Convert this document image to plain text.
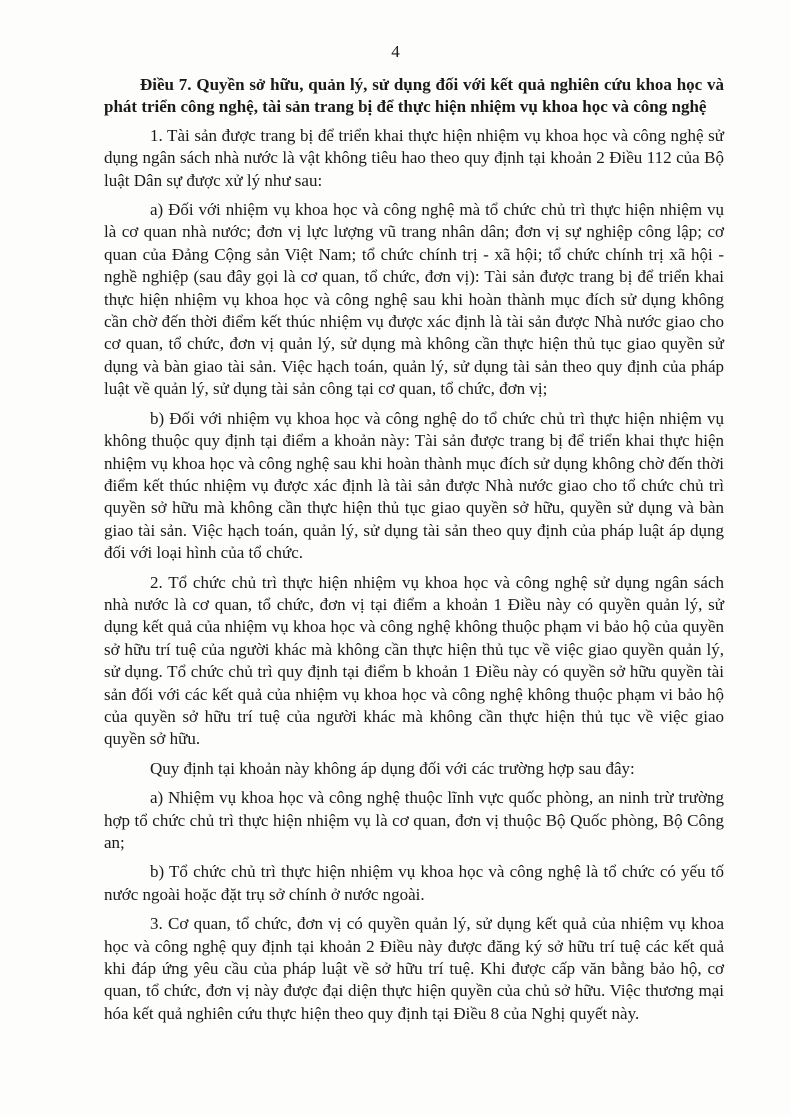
4

Điều 7. Quyền sở hữu, quản lý, sử dụng đối với kết quả nghiên cứu khoa học và phát triển công nghệ, tài sản trang bị để thực hiện nhiệm vụ khoa học và công nghệ

1. Tài sản được trang bị để triển khai thực hiện nhiệm vụ khoa học và công nghệ sử dụng ngân sách nhà nước là vật không tiêu hao theo quy định tại khoản 2 Điều 112 của Bộ luật Dân sự được xử lý như sau:

a) Đối với nhiệm vụ khoa học và công nghệ mà tổ chức chủ trì thực hiện nhiệm vụ là cơ quan nhà nước; đơn vị lực lượng vũ trang nhân dân; đơn vị sự nghiệp công lập; cơ quan của Đảng Cộng sản Việt Nam; tổ chức chính trị - xã hội; tổ chức chính trị xã hội - nghề nghiệp (sau đây gọi là cơ quan, tổ chức, đơn vị): Tài sản được trang bị để triển khai thực hiện nhiệm vụ khoa học và công nghệ sau khi hoàn thành mục đích sử dụng không cần chờ đến thời điểm kết thúc nhiệm vụ được xác định là tài sản được Nhà nước giao cho cơ quan, tổ chức, đơn vị quản lý, sử dụng mà không cần thực hiện thủ tục giao quyền sử dụng và bàn giao tài sản. Việc hạch toán, quản lý, sử dụng tài sản theo quy định của pháp luật về quản lý, sử dụng tài sản công tại cơ quan, tổ chức, đơn vị;

b) Đối với nhiệm vụ khoa học và công nghệ do tổ chức chủ trì thực hiện nhiệm vụ không thuộc quy định tại điểm a khoản này: Tài sản được trang bị để triển khai thực hiện nhiệm vụ khoa học và công nghệ sau khi hoàn thành mục đích sử dụng không chờ đến thời điểm kết thúc nhiệm vụ được xác định là tài sản được Nhà nước giao cho tổ chức chủ trì quyền sở hữu mà không cần thực hiện thủ tục giao quyền sở hữu, quyền sử dụng và bàn giao tài sản. Việc hạch toán, quản lý, sử dụng tài sản theo quy định của pháp luật áp dụng đối với loại hình của tổ chức.

2. Tổ chức chủ trì thực hiện nhiệm vụ khoa học và công nghệ sử dụng ngân sách nhà nước là cơ quan, tổ chức, đơn vị tại điểm a khoản 1 Điều này có quyền quản lý, sử dụng kết quả của nhiệm vụ khoa học và công nghệ không thuộc phạm vi bảo hộ của quyền sở hữu trí tuệ của người khác mà không cần thực hiện thủ tục về việc giao quyền quản lý, sử dụng. Tổ chức chủ trì quy định tại điểm b khoản 1 Điều này có quyền sở hữu quyền tài sản đối với các kết quả của nhiệm vụ khoa học và công nghệ không thuộc phạm vi bảo hộ của quyền sở hữu trí tuệ của người khác mà không cần thực hiện thủ tục về việc giao quyền sở hữu.

Quy định tại khoản này không áp dụng đối với các trường hợp sau đây:

a) Nhiệm vụ khoa học và công nghệ thuộc lĩnh vực quốc phòng, an ninh trừ trường hợp tổ chức chủ trì thực hiện nhiệm vụ là cơ quan, đơn vị thuộc Bộ Quốc phòng, Bộ Công an;

b) Tổ chức chủ trì thực hiện nhiệm vụ khoa học và công nghệ là tổ chức có yếu tố nước ngoài hoặc đặt trụ sở chính ở nước ngoài.

3. Cơ quan, tổ chức, đơn vị có quyền quản lý, sử dụng kết quả của nhiệm vụ khoa học và công nghệ quy định tại khoản 2 Điều này được đăng ký sở hữu trí tuệ các kết quả khi đáp ứng yêu cầu của pháp luật về sở hữu trí tuệ. Khi được cấp văn bằng bảo hộ, cơ quan, tổ chức, đơn vị này được đại diện thực hiện quyền của chủ sở hữu. Việc thương mại hóa kết quả nghiên cứu thực hiện theo quy định tại Điều 8 của Nghị quyết này.
